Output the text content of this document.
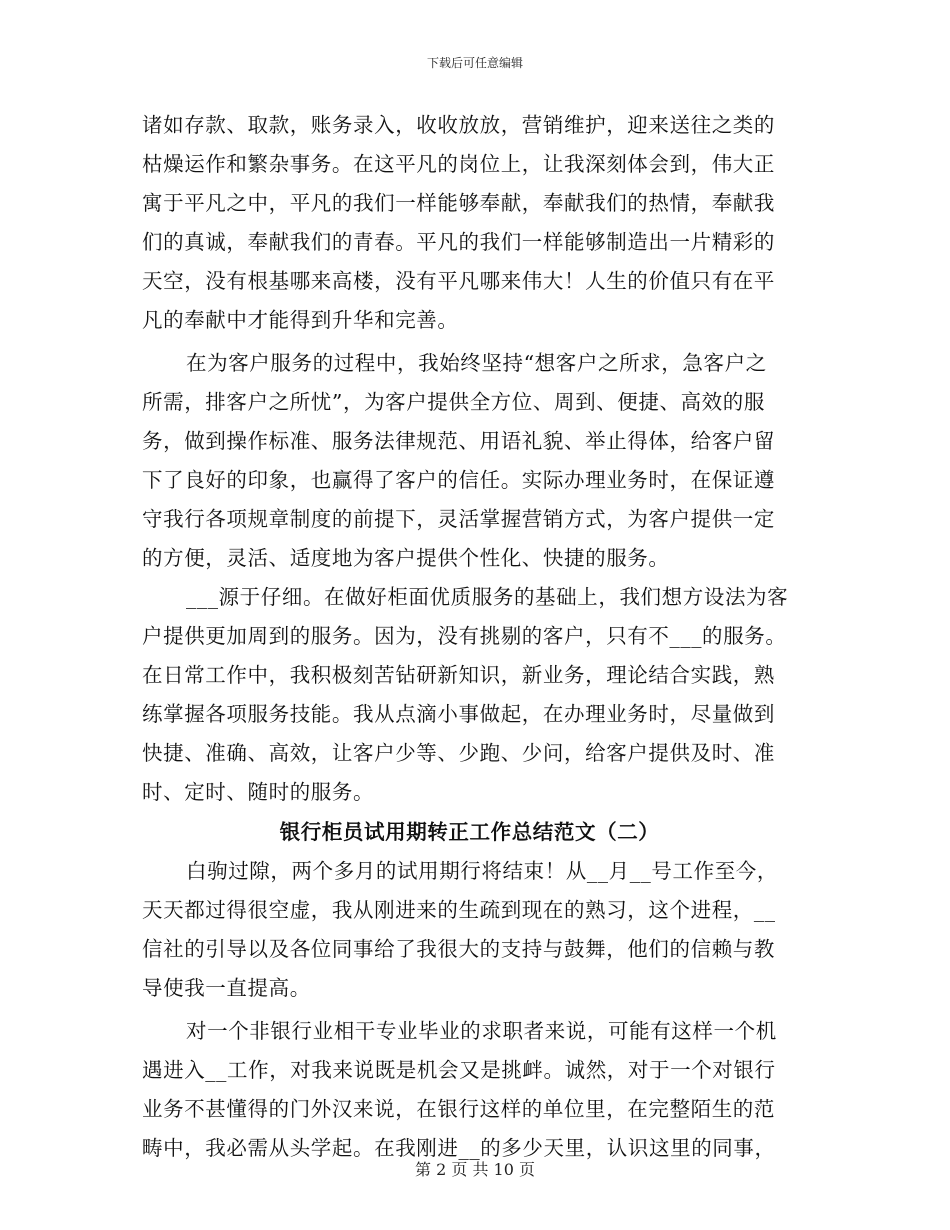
下载后可任意编辑
诸如存款、取款，账务录入，收收放放，营销维护，迎来送往之类的
枯燥运作和繁杂事务。在这平凡的岗位上，让我深刻体会到，伟大正
寓于平凡之中，平凡的我们一样能够奉献，奉献我们的热情，奉献我
们的真诚，奉献我们的青春。平凡的我们一样能够制造出一片精彩的
天空，没有根基哪来高楼，没有平凡哪来伟大！人生的价值只有在平
凡的奉献中才能得到升华和完善。
在为客户服务的过程中，我始终坚持“想客户之所求，急客户之
所需，排客户之所忧”，为客户提供全方位、周到、便捷、高效的服
务，做到操作标准、服务法律规范、用语礼貌、举止得体，给客户留
下了良好的印象，也赢得了客户的信任。实际办理业务时，在保证遵
守我行各项规章制度的前提下，灵活掌握营销方式，为客户提供一定
的方便，灵活、适度地为客户提供个性化、快捷的服务。
___源于仔细。在做好柜面优质服务的基础上，我们想方设法为客
户提供更加周到的服务。因为，没有挑剔的客户，只有不___的服务。
在日常工作中，我积极刻苦钻研新知识，新业务，理论结合实践，熟
练掌握各项服务技能。我从点滴小事做起，在办理业务时，尽量做到
快捷、准确、高效，让客户少等、少跑、少问，给客户提供及时、准
时、定时、随时的服务。
银行柜员试用期转正工作总结范文（二）
白驹过隙，两个多月的试用期行将结束！从__月__号工作至今，
天天都过得很空虚，我从刚进来的生疏到现在的熟习，这个进程，__
信社的引导以及各位同事给了我很大的支持与鼓舞，他们的信赖与教
导使我一直提高。
对一个非银行业相干专业毕业的求职者来说，可能有这样一个机
遇进入__工作，对我来说既是机会又是挑衅。诚然，对于一个对银行
业务不甚懂得的门外汉来说，在银行这样的单位里，在完整陌生的范
畴中，我必需从头学起。在我刚进__的多少天里，认识这里的同事，
第 2 页 共 10 页
